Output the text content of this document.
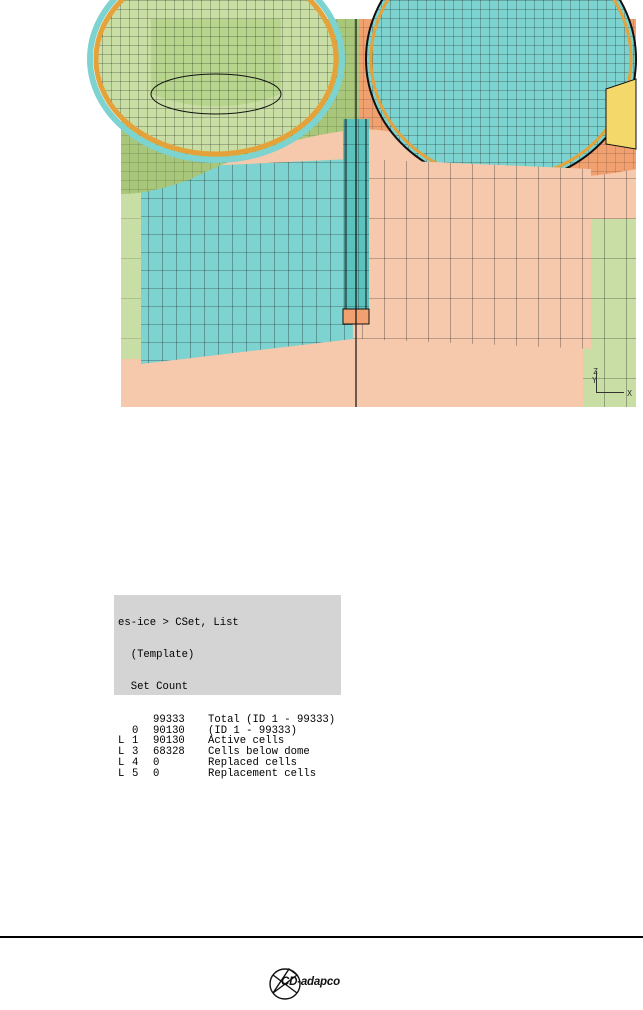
Z
Y
X

es-ice > CSet, List

(Template)

Set Count

99333 Total (ID 1 - 99333)
0 90130 (ID 1 - 99333)
L 1 90130 Active cells
L 3 68328 Cells below dome
L 4 0	Replaced cells
L 5 0	Replacement cells

CD-adapco
